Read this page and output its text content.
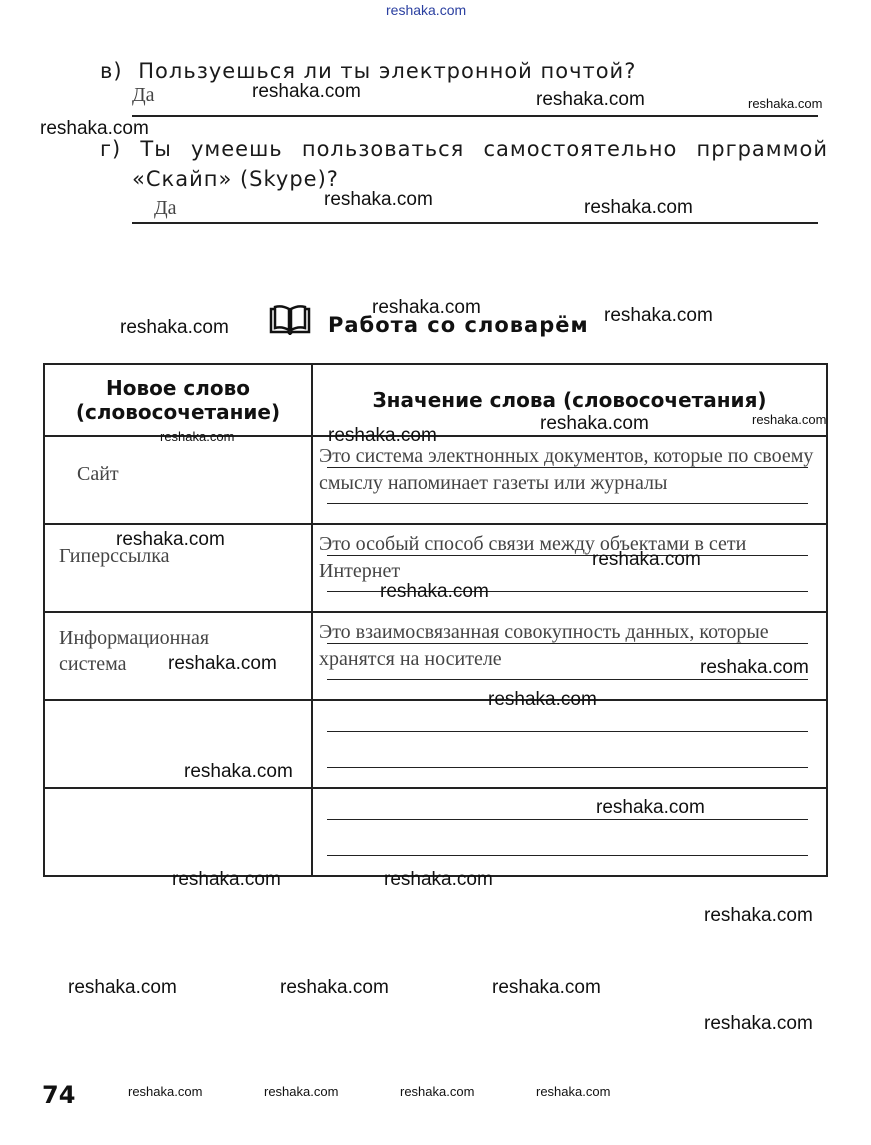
reshaka.com
в) Пользуешься ли ты электронной почтой?
Да
г) Ты умеешь пользоваться самостоятельно прграммой
«Скайп» (Skype)?
Да
Работа со словарём
Новое слово
(словосочетание)	Значение слова (словосочетания)

Сайт	Это система электнонных документов, которые по своему смыслу напоминает газеты или журналы

Гиперссылка	Это особый способ связи между объектами в сети Интернет

Информационная
система	Это взаимосвязанная совокупность данных, которые хранятся на носителе

reshaka.com	reshaka.com	reshaka.com
reshaka.com
reshaka.com	reshaka.com
reshaka.com
reshaka.com
reshaka.com
reshaka.com
reshaka.com	reshaka.com
reshaka.com
reshaka.com
reshaka.com
reshaka.com
reshaka.com	reshaka.com
reshaka.com
reshaka.com
reshaka.com
reshaka.com	reshaka.com
reshaka.com
reshaka.com	reshaka.com	reshaka.com
reshaka.com
reshaka.com	reshaka.com	reshaka.com	reshaka.com
74
